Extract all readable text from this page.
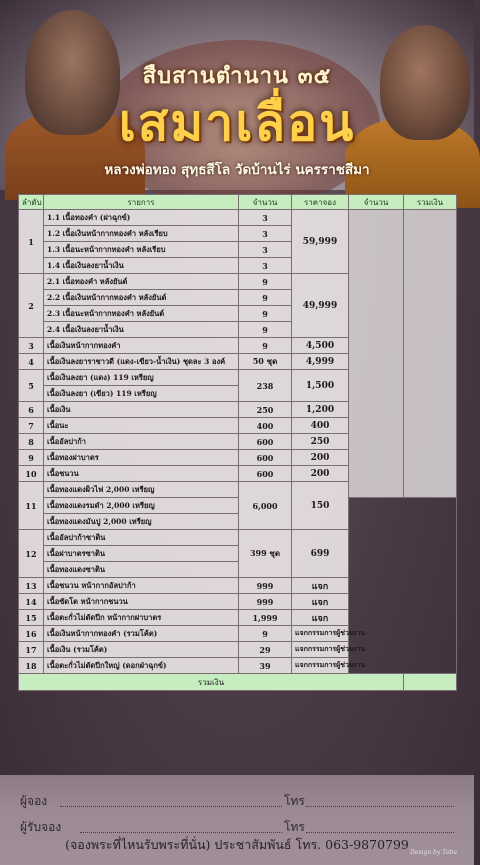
สืบสานตำนาน ๓๕
เสมาเลื่อน
หลวงพ่อทอง สุทฺธสีโล วัดบ้านไร่ นครราชสีมา
ลำดับ	รายการ	จำนวน	ราคาจอง	จำนวน	รวมเงิน	
1	1.1 เนื้อทองคำ (ฝาฉุกข์)	3	59,999			
	1.2 เนื้อเงินหน้ากากทองคำ หลังเรียบ	3				
	1.3 เนื้อนะหน้ากากทองคำ หลังเรียบ	3				
	1.4 เนื้อเงินลงยาน้ำเงิน	3				
2	2.1 เนื้อทองคำ หลังยันต์	9	49,999			
	2.2 เนื้อเงินหน้ากากทองคำ หลังยันต์	9				
	2.3 เนื้อนะหน้ากากทองคำ หลังยันต์	9				
	2.4 เนื้อเงินลงยาน้ำเงิน	9				
3	เนื้อเงินหน้ากากทองคำ	9	4,500			
4	เนื้อเงินลงยาราชาวดี (แดง-เขียว-น้ำเงิน) ชุดละ 3 องค์	50 ชุด	4,999			
5	เนื้อเงินลงยา (แดง) 119 เหรียญ	238	1,500			
	เนื้อเงินลงยา (เขียว) 119 เหรียญ					
6	เนื้อเงิน	250	1,200			
7	เนื้อนะ	400	400			
8	เนื้ออัลปาก้า	600	250			
9	เนื้อทองฝาบาตร	600	200			
10	เนื้อชนวน	600	200			
11	เนื้อทองแดงผิวไฟ 2,000 เหรียญ	6,000	150			
	เนื้อทองแดงรมดำ 2,000 เหรียญ					
	เนื้อทองแดงมันปู 2,000 เหรียญ					
12	เนื้ออัลปาก้าซาติน	399 ชุด	699			
	เนื้อฝาบาตรซาติน					
	เนื้อทองแดงซาติน					
13	เนื้อชนวน หน้ากากอัลปาก้า	999	แจก			
14	เนื้อซัดโต หน้ากากชนวน	999	แจก			
15	เนื้อตะกั่วไม่ตัดปีก หน้ากากฝาบาตร	1,999	แจก			
16	เนื้อเงินหน้ากากทองคำ (รวมโค้ต)	9	แจกกรรมการผู้ช่วยงาน			
17	เนื้อเงิน (รวมโค้ต)	29	แจกกรรมการผู้ช่วยงาน			
18	เนื้อตะกั่วไม่ตัดปีกใหญ่ (ดอกฝ่าฉุกข์)	39	แจกกรรมการผู้ช่วยงาน			
รวมเงิน						
ผู้จอง	โทร
ผู้รับจอง	โทร
(จองพระที่ไหนรับพระที่นั่น) ประชาสัมพันธ์ โทร. 063-9870799
Design by Tabu
